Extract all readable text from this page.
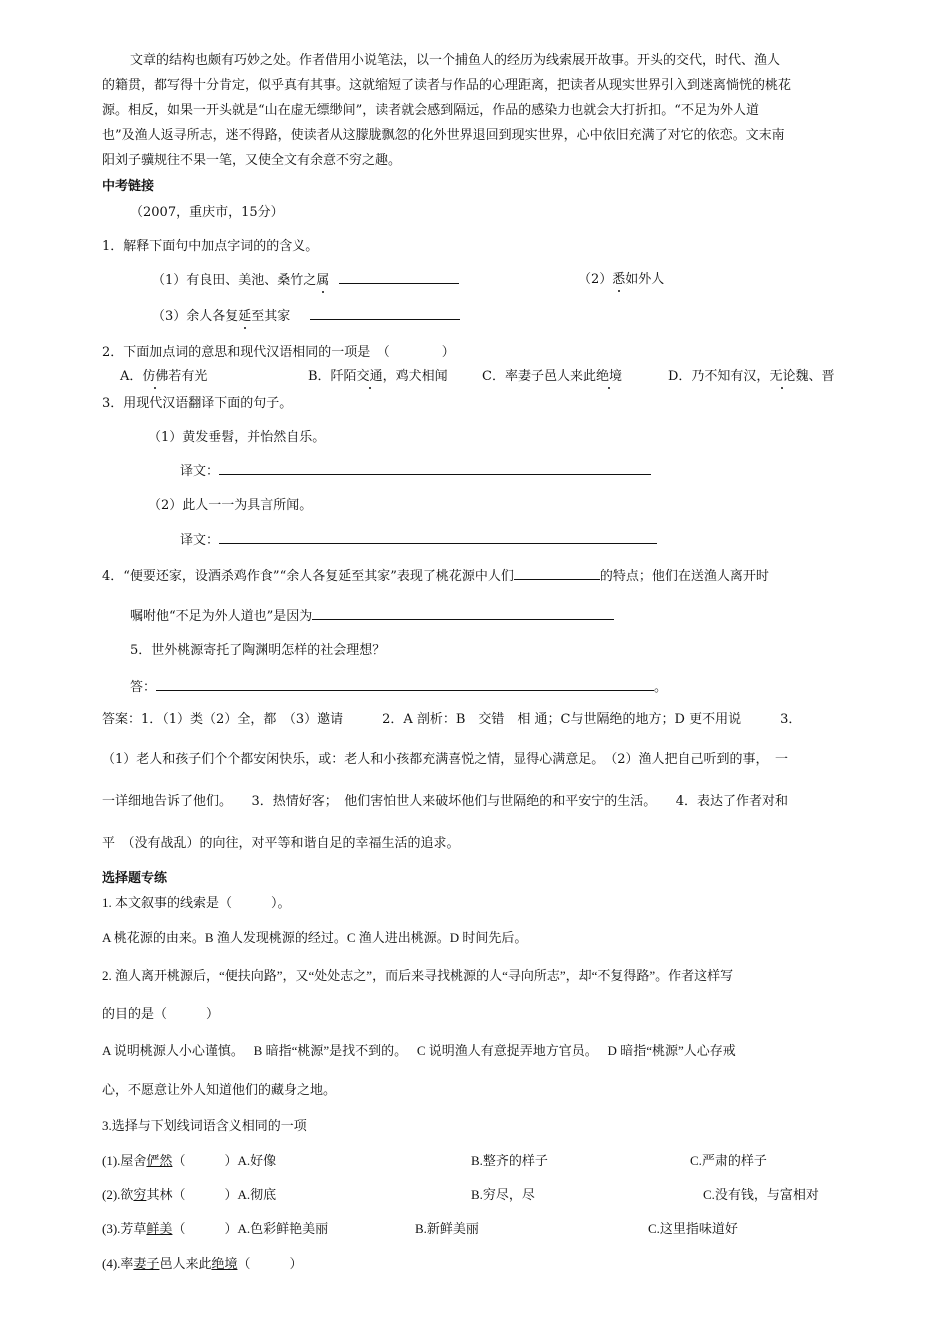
文章的结构也颇有巧妙之处。作者借用小说笔法，以一个捕鱼人的经历为线索展开故事。开头的交代，时代、渔人
的籍贯，都写得十分肯定，似乎真有其事。这就缩短了读者与作品的心理距离，把读者从现实世界引入到迷离惝恍的桃花
源。相反，如果一开头就是“山在虚无缥缈间”，读者就会感到隔远，作品的感染力也就会大打折扣。“不足为外人道
也”及渔人返寻所志，迷不得路，使读者从这朦胧飘忽的化外世界退回到现实世界，心中依旧充满了对它的依恋。文末南
阳刘子骥规往不果一笔，又使全文有余意不穷之趣。
中考链接
（2007，重庆市，15分）
1．解释下面句中加点字词的的含义。
（1）有良田、美池、桑竹之属	（2）悉如外人
（3）余人各复延至其家
2．下面加点词的意思和现代汉语相同的一项是　（　　　　）
A．仿佛若有光	B．阡陌交通，鸡犬相闻	C．率妻子邑人来此绝境	D．乃不知有汉，无论魏、晋
3．用现代汉语翻译下面的句子。
（1）黄发垂髫，并怡然自乐。
译文：
（2）此人一一为具言所闻。
译文：
4．“便要还家，设酒杀鸡作食”“余人各复延至其家”表现了桃花源中人们	的特点；他们在送渔人离开时
嘱咐他“不足为外人道也”是因为
5．世外桃源寄托了陶渊明怎样的社会理想？
答：	。
答案：1．（1）类（2）全，都　（3）邀请　　　2．A 剖析：B　交错　相 通；C与世隔绝的地方；D 更不用说　　　3．
（1）老人和孩子们个个都安闲快乐，或：老人和小孩都充满喜悦之情，显得心满意足。　（2）渔人把自己听到的事，　一
一详细地告诉了他们。　　3．热情好客；　他们害怕世人来破坏他们与世隔绝的和平安宁的生活。　　4．表达了作者对和
平　（没有战乱）的向往，对平等和谐自足的幸福生活的追求。
选择题专练
1. 本文叙事的线索是（　　　）。
A 桃花源的由来。B 渔人发现桃源的经过。C 渔人进出桃源。D 时间先后。
2. 渔人离开桃源后，“便扶向路”，又“处处志之”，而后来寻找桃源的人“寻向所志”，却“不复得路”。作者这样写
的目的是（　　　）
A 说明桃源人小心谨慎。　 B 暗指“桃源”是找不到的。　 C 说明渔人有意捉弄地方官员。　 D 暗指“桃源”人心存戒
心，不愿意让外人知道他们的藏身之地。
3.选择与下划线词语含义相同的一项
(1).屋舍俨然（　　　）A.好像	B.整齐的样子	C.严肃的样子
(2).欲穷其林（　　　）A.彻底	B.穷尽，尽	C.没有钱，与富相对
(3).芳草鲜美（　　　）A.色彩鲜艳美丽	B.新鲜美丽	C.这里指味道好
(4).率妻子邑人来此绝境（　　　）
